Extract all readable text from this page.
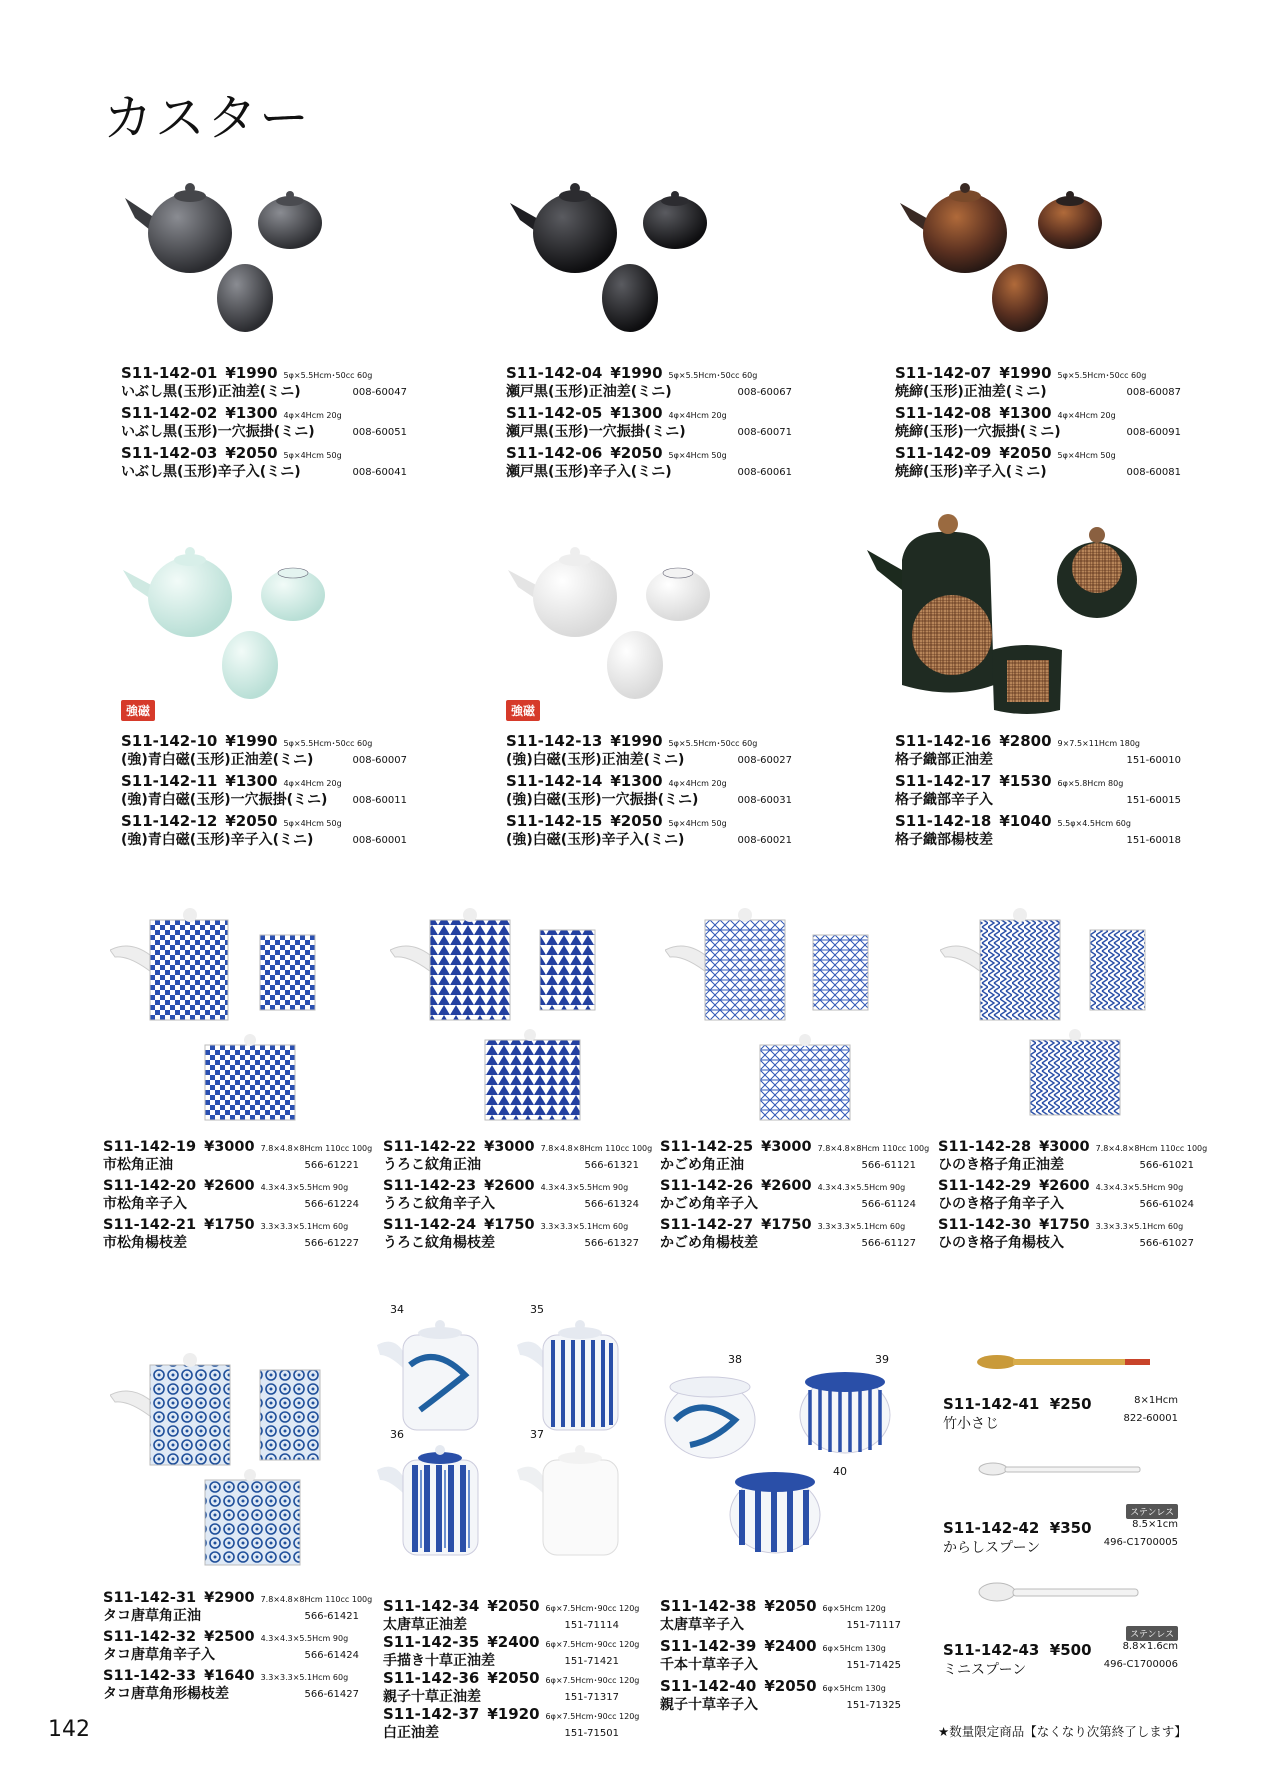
カスター
S11-142-01 ¥1990 5φ×5.5Hcm･50cc 60g
いぶし黒(玉形)正油差(ミニ)	008-60047
S11-142-02 ¥1300 4φ×4Hcm 20g
いぶし黒(玉形)一穴振掛(ミニ)	008-60051
S11-142-03 ¥2050 5φ×4Hcm 50g
いぶし黒(玉形)辛子入(ミニ)	008-60041
S11-142-04 ¥1990 5φ×5.5Hcm･50cc 60g
瀬戸黒(玉形)正油差(ミニ)	008-60067
S11-142-05 ¥1300 4φ×4Hcm 20g
瀬戸黒(玉形)一穴振掛(ミニ)	008-60071
S11-142-06 ¥2050 5φ×4Hcm 50g
瀬戸黒(玉形)辛子入(ミニ)	008-60061
S11-142-07 ¥1990 5φ×5.5Hcm･50cc 60g
焼締(玉形)正油差(ミニ)	008-60087
S11-142-08 ¥1300 4φ×4Hcm 20g
焼締(玉形)一穴振掛(ミニ)	008-60091
S11-142-09 ¥2050 5φ×4Hcm 50g
焼締(玉形)辛子入(ミニ)	008-60081
強磁	強磁
S11-142-10 ¥1990 5φ×5.5Hcm･50cc 60g
(強)青白磁(玉形)正油差(ミニ)	008-60007
S11-142-11 ¥1300 4φ×4Hcm 20g
(強)青白磁(玉形)一穴振掛(ミニ)	008-60011
S11-142-12 ¥2050 5φ×4Hcm 50g
(強)青白磁(玉形)辛子入(ミニ)	008-60001
S11-142-13 ¥1990 5φ×5.5Hcm･50cc 60g
(強)白磁(玉形)正油差(ミニ)	008-60027
S11-142-14 ¥1300 4φ×4Hcm 20g
(強)白磁(玉形)一穴振掛(ミニ)	008-60031
S11-142-15 ¥2050 5φ×4Hcm 50g
(強)白磁(玉形)辛子入(ミニ)	008-60021
S11-142-16 ¥2800 9×7.5×11Hcm 180g
格子織部正油差	151-60010
S11-142-17 ¥1530 6φ×5.8Hcm 80g
格子織部辛子入	151-60015
S11-142-18 ¥1040 5.5φ×4.5Hcm 60g
格子織部楊枝差	151-60018
S11-142-19 ¥3000 7.8×4.8×8Hcm 110cc 100g
市松角正油	566-61221
S11-142-20 ¥2600 4.3×4.3×5.5Hcm 90g
市松角辛子入	566-61224
S11-142-21 ¥1750 3.3×3.3×5.1Hcm 60g
市松角楊枝差	566-61227
S11-142-22 ¥3000 7.8×4.8×8Hcm 110cc 100g
うろこ紋角正油	566-61321
S11-142-23 ¥2600 4.3×4.3×5.5Hcm 90g
うろこ紋角辛子入	566-61324
S11-142-24 ¥1750 3.3×3.3×5.1Hcm 60g
うろこ紋角楊枝差	566-61327
S11-142-25 ¥3000 7.8×4.8×8Hcm 110cc 100g
かごめ角正油	566-61121
S11-142-26 ¥2600 4.3×4.3×5.5Hcm 90g
かごめ角辛子入	566-61124
S11-142-27 ¥1750 3.3×3.3×5.1Hcm 60g
かごめ角楊枝差	566-61127
S11-142-28 ¥3000 7.8×4.8×8Hcm 110cc 100g
ひのき格子角正油差	566-61021
S11-142-29 ¥2600 4.3×4.3×5.5Hcm 90g
ひのき格子角辛子入	566-61024
S11-142-30 ¥1750 3.3×3.3×5.1Hcm 60g
ひのき格子角楊枝入	566-61027
34	35
36	37
38	39
40
S11-142-31 ¥2900 7.8×4.8×8Hcm 110cc 100g
タコ唐草角正油	566-61421
S11-142-32 ¥2500 4.3×4.3×5.5Hcm 90g
タコ唐草角辛子入	566-61424
S11-142-33 ¥1640 3.3×3.3×5.1Hcm 60g
タコ唐草角形楊枝差	566-61427
S11-142-34 ¥2050 6φ×7.5Hcm･90cc 120g
太唐草正油差	151-71114
S11-142-35 ¥2400 6φ×7.5Hcm･90cc 120g
手描き十草正油差	151-71421
S11-142-36 ¥2050 6φ×7.5Hcm･90cc 120g
親子十草正油差	151-71317
S11-142-37 ¥1920 6φ×7.5Hcm･90cc 120g
白正油差	151-71501
S11-142-38 ¥2050 6φ×5Hcm 120g
太唐草辛子入	151-71117
S11-142-39 ¥2400 6φ×5Hcm 130g
千本十草辛子入	151-71425
S11-142-40 ¥2050 6φ×5Hcm 130g
親子十草辛子入	151-71325
S11-142-41 ¥250	8×1Hcm
竹小さじ	822-60001
ステンレス
S11-142-42 ¥350	8.5×1cm
からしスプーン	496-C1700005
ステンレス
S11-142-43 ¥500	8.8×1.6cm
ミニスプーン	496-C1700006
142	★数量限定商品【なくなり次第終了します】
